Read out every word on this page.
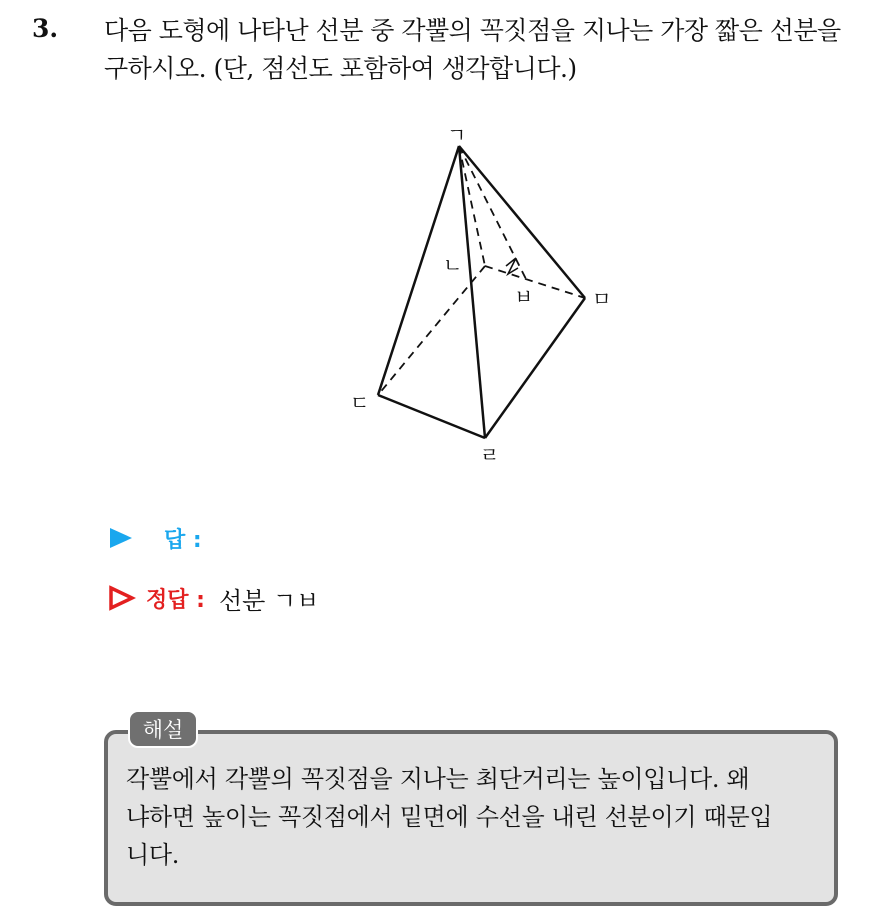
3. 다음 도형에 나타난 선분 중 각뿔의 꼭짓점을 지나는 가장 짧은 선분을
구하시오. (단, 점선도 포함하여 생각합니다.)
ㄱ
ㄴ
ㅂ	ㅁ
ㄷ
ㄹ
답 :
정답 : 선분 ㄱㅂ
해설
각뿔에서 각뿔의 꼭짓점을 지나는 최단거리는 높이입니다. 왜
냐하면 높이는 꼭짓점에서 밑면에 수선을 내린 선분이기 때문입
니다.
